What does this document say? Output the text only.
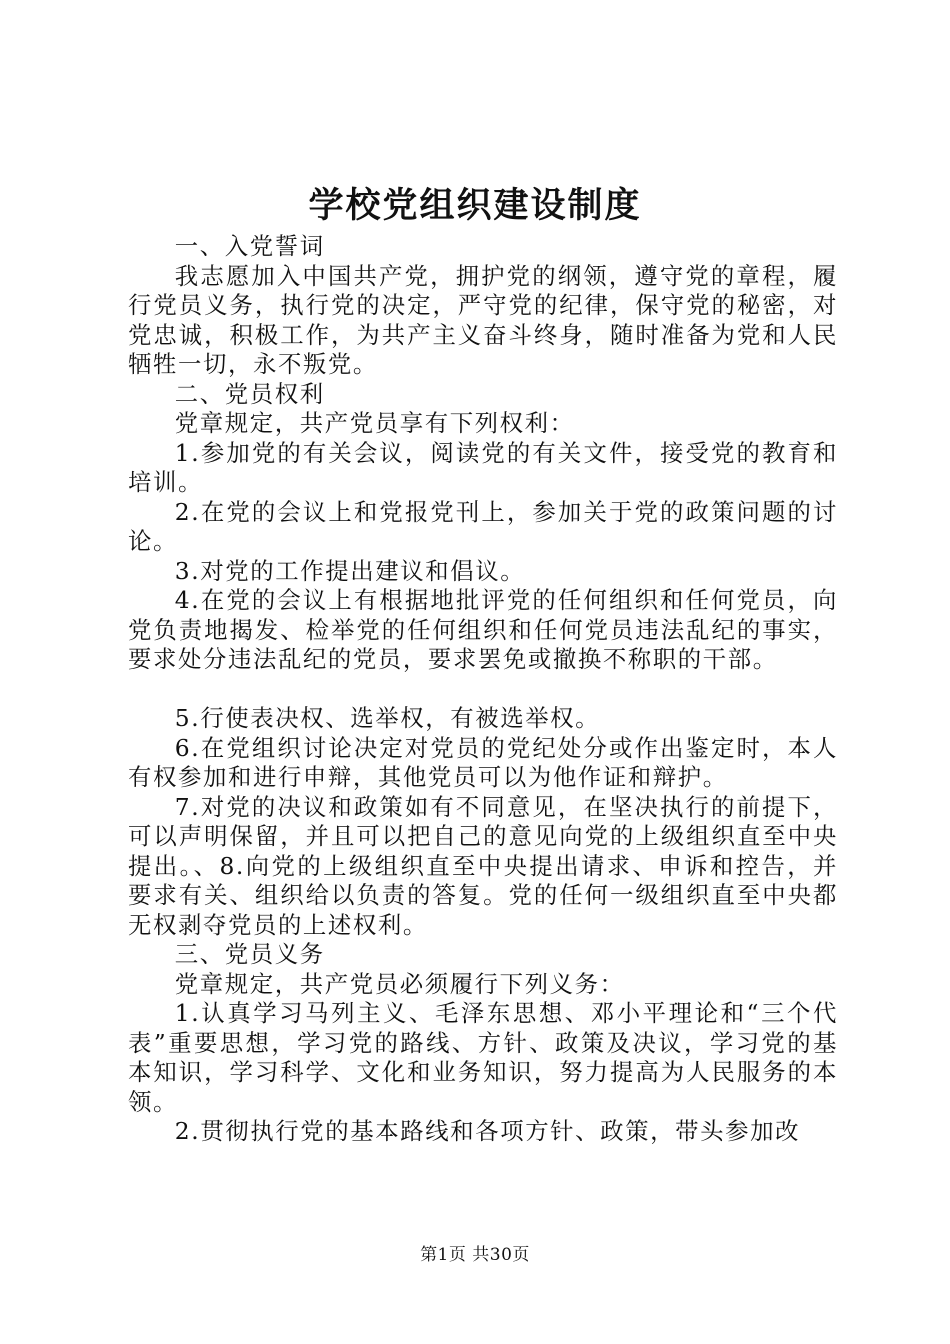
学校党组织建设制度

一、入党誓词

我志愿加入中国共产党，拥护党的纲领，遵守党的章程，履行党员义务，执行党的决定，严守党的纪律，保守党的秘密，对党忠诚，积极工作，为共产主义奋斗终身，随时准备为党和人民牺牲一切，永不叛党。

二、党员权利

党章规定，共产党员享有下列权利：

1.参加党的有关会议，阅读党的有关文件，接受党的教育和培训。

2.在党的会议上和党报党刊上，参加关于党的政策问题的讨论。

3.对党的工作提出建议和倡议。

4.在党的会议上有根据地批评党的任何组织和任何党员，向党负责地揭发、检举党的任何组织和任何党员违法乱纪的事实，要求处分违法乱纪的党员，要求罢免或撤换不称职的干部。

5.行使表决权、选举权，有被选举权。

6.在党组织讨论决定对党员的党纪处分或作出鉴定时，本人有权参加和进行申辩，其他党员可以为他作证和辩护。

7.对党的决议和政策如有不同意见，在坚决执行的前提下，可以声明保留，并且可以把自己的意见向党的上级组织直至中央提出。、8.向党的上级组织直至中央提出请求、申诉和控告，并要求有关、组织给以负责的答复。党的任何一级组织直至中央都无权剥夺党员的上述权利。

三、党员义务

党章规定，共产党员必须履行下列义务：

1.认真学习马列主义、毛泽东思想、邓小平理论和“三个代表”重要思想，学习党的路线、方针、政策及决议，学习党的基本知识，学习科学、文化和业务知识，努力提高为人民服务的本领。

2.贯彻执行党的基本路线和各项方针、政策，带头参加改

第1页 共30页
